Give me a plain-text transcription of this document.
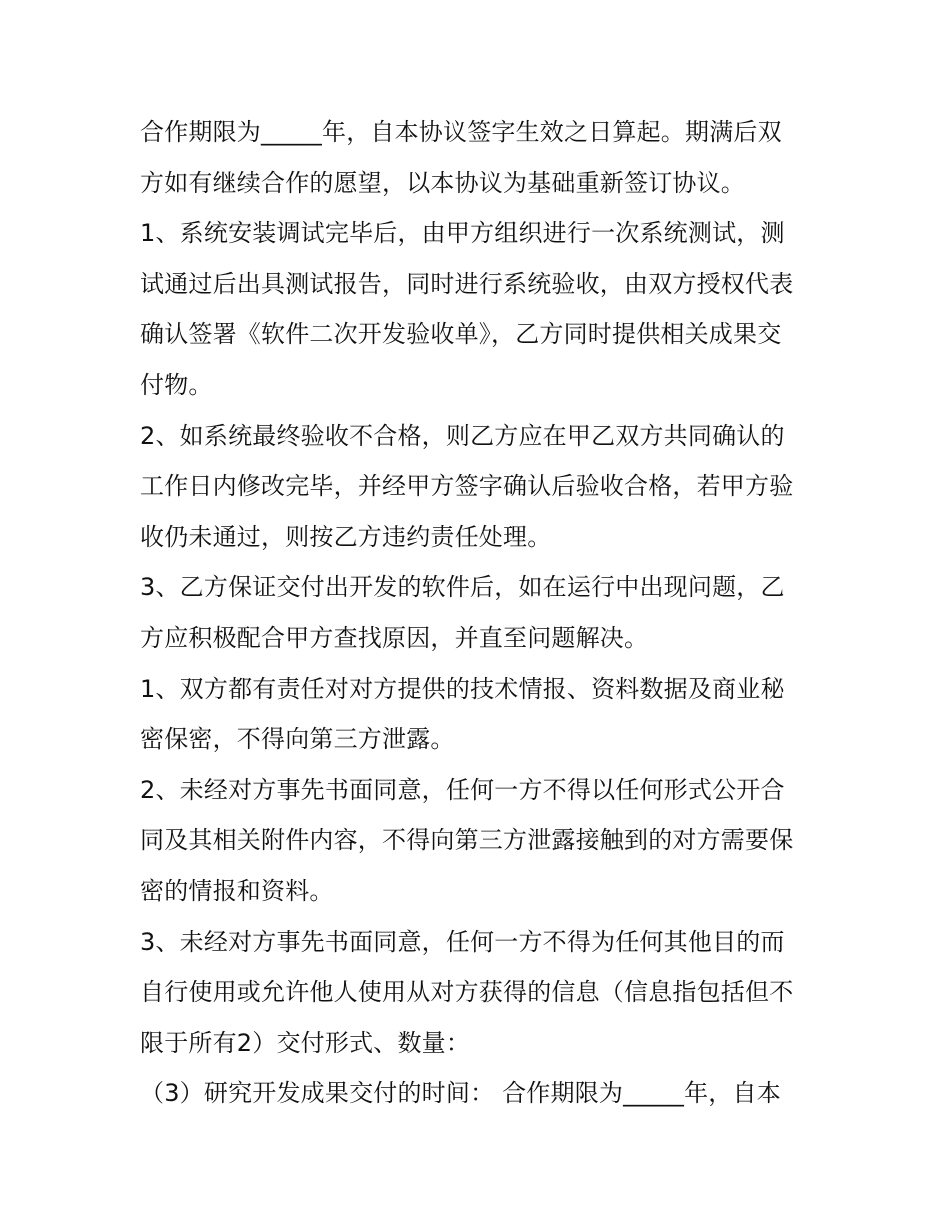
合作期限为_____年，自本协议签字生效之日算起。期满后双
方如有继续合作的愿望，以本协议为基础重新签订协议。
1、系统安装调试完毕后，由甲方组织进行一次系统测试，测
试通过后出具测试报告，同时进行系统验收，由双方授权代表
确认签署《软件二次开发验收单》，乙方同时提供相关成果交
付物。
2、如系统最终验收不合格，则乙方应在甲乙双方共同确认的
工作日内修改完毕，并经甲方签字确认后验收合格，若甲方验
收仍未通过，则按乙方违约责任处理。
3、乙方保证交付出开发的软件后，如在运行中出现问题，乙
方应积极配合甲方查找原因，并直至问题解决。
1、双方都有责任对对方提供的技术情报、资料数据及商业秘
密保密，不得向第三方泄露。
2、未经对方事先书面同意，任何一方不得以任何形式公开合
同及其相关附件内容，不得向第三方泄露接触到的对方需要保
密的情报和资料。
3、未经对方事先书面同意，任何一方不得为任何其他目的而
自行使用或允许他人使用从对方获得的信息（信息指包括但不
限于所有2）交付形式、数量：
（3）研究开发成果交付的时间： 合作期限为_____年，自本
